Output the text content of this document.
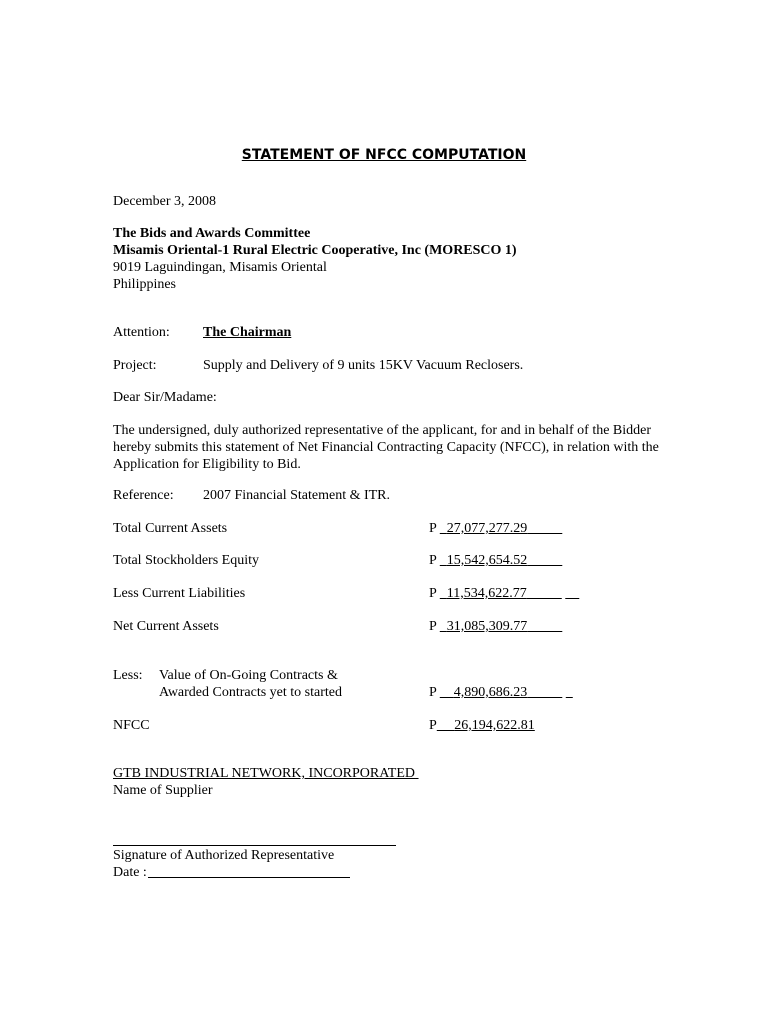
STATEMENT OF NFCC COMPUTATION
December 3, 2008
The Bids and Awards Committee
Misamis Oriental-1 Rural Electric Cooperative, Inc (MORESCO 1)
9019 Laguindingan, Misamis Oriental
Philippines
Attention: The Chairman
Project:	Supply and Delivery of 9 units 15KV Vacuum Reclosers.
Dear Sir/Madame:
The undersigned, duly authorized representative of the applicant, for and in behalf of the Bidder hereby submits this statement of Net Financial Contracting Capacity (NFCC), in relation with the Application for Eligibility to Bid.
Reference: 2007 Financial Statement & ITR.
Total Current Assets	P 27,077,277.29
Total Stockholders Equity	P 15,542,654.52
Less Current Liabilities	P 11,534,622.77
Net Current Assets	P 31,085,309.77
Less: Value of On-Going Contracts &
Awarded Contracts yet to started	P 4,890,686.23
NFCC	P 26,194,622.81
GTB INDUSTRIAL NETWORK, INCORPORATED
Name of Supplier
Signature of Authorized Representative
Date :
